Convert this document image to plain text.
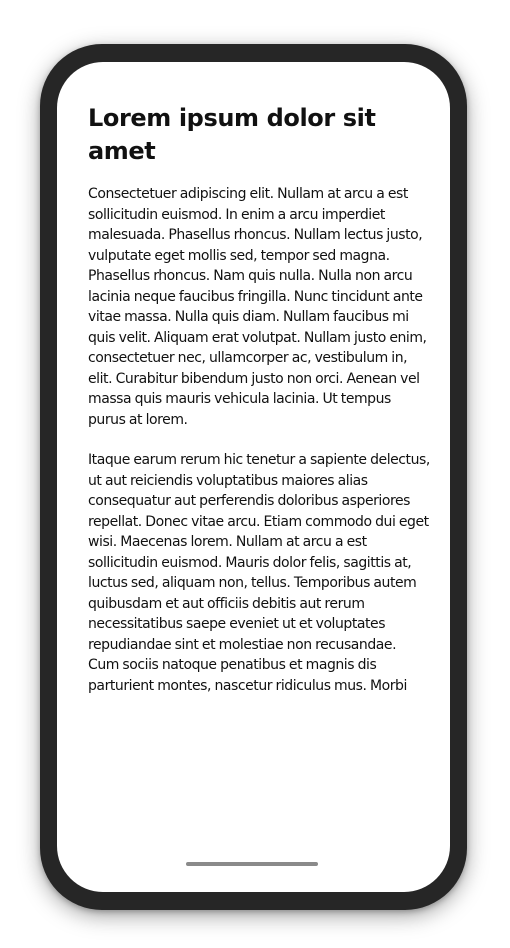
Lorem ipsum dolor sit amet

Consectetuer adipiscing elit. Nullam at arcu a est sollicitudin euismod. In enim a arcu imperdiet malesuada. Phasellus rhoncus. Nullam lectus justo, vulputate eget mollis sed, tempor sed magna. Phasellus rhoncus. Nam quis nulla. Nulla non arcu lacinia neque faucibus fringilla. Nunc tincidunt ante vitae massa. Nulla quis diam. Nullam faucibus mi quis velit. Aliquam erat volutpat. Nullam justo enim, consectetuer nec, ullamcorper ac, vestibulum in, elit. Curabitur bibendum justo non orci. Aenean vel massa quis mauris vehicula lacinia. Ut tempus purus at lorem.

Itaque earum rerum hic tenetur a sapiente delectus, ut aut reiciendis voluptatibus maiores alias consequatur aut perferendis doloribus asperiores repellat. Donec vitae arcu. Etiam commodo dui eget wisi. Maecenas lorem. Nullam at arcu a est sollicitudin euismod. Mauris dolor felis, sagittis at, luctus sed, aliquam non, tellus. Temporibus autem quibusdam et aut officiis debitis aut rerum necessitatibus saepe eveniet ut et voluptates repudiandae sint et molestiae non recusandae. Cum sociis natoque penatibus et magnis dis parturient montes, nascetur ridiculus mus. Morbi
